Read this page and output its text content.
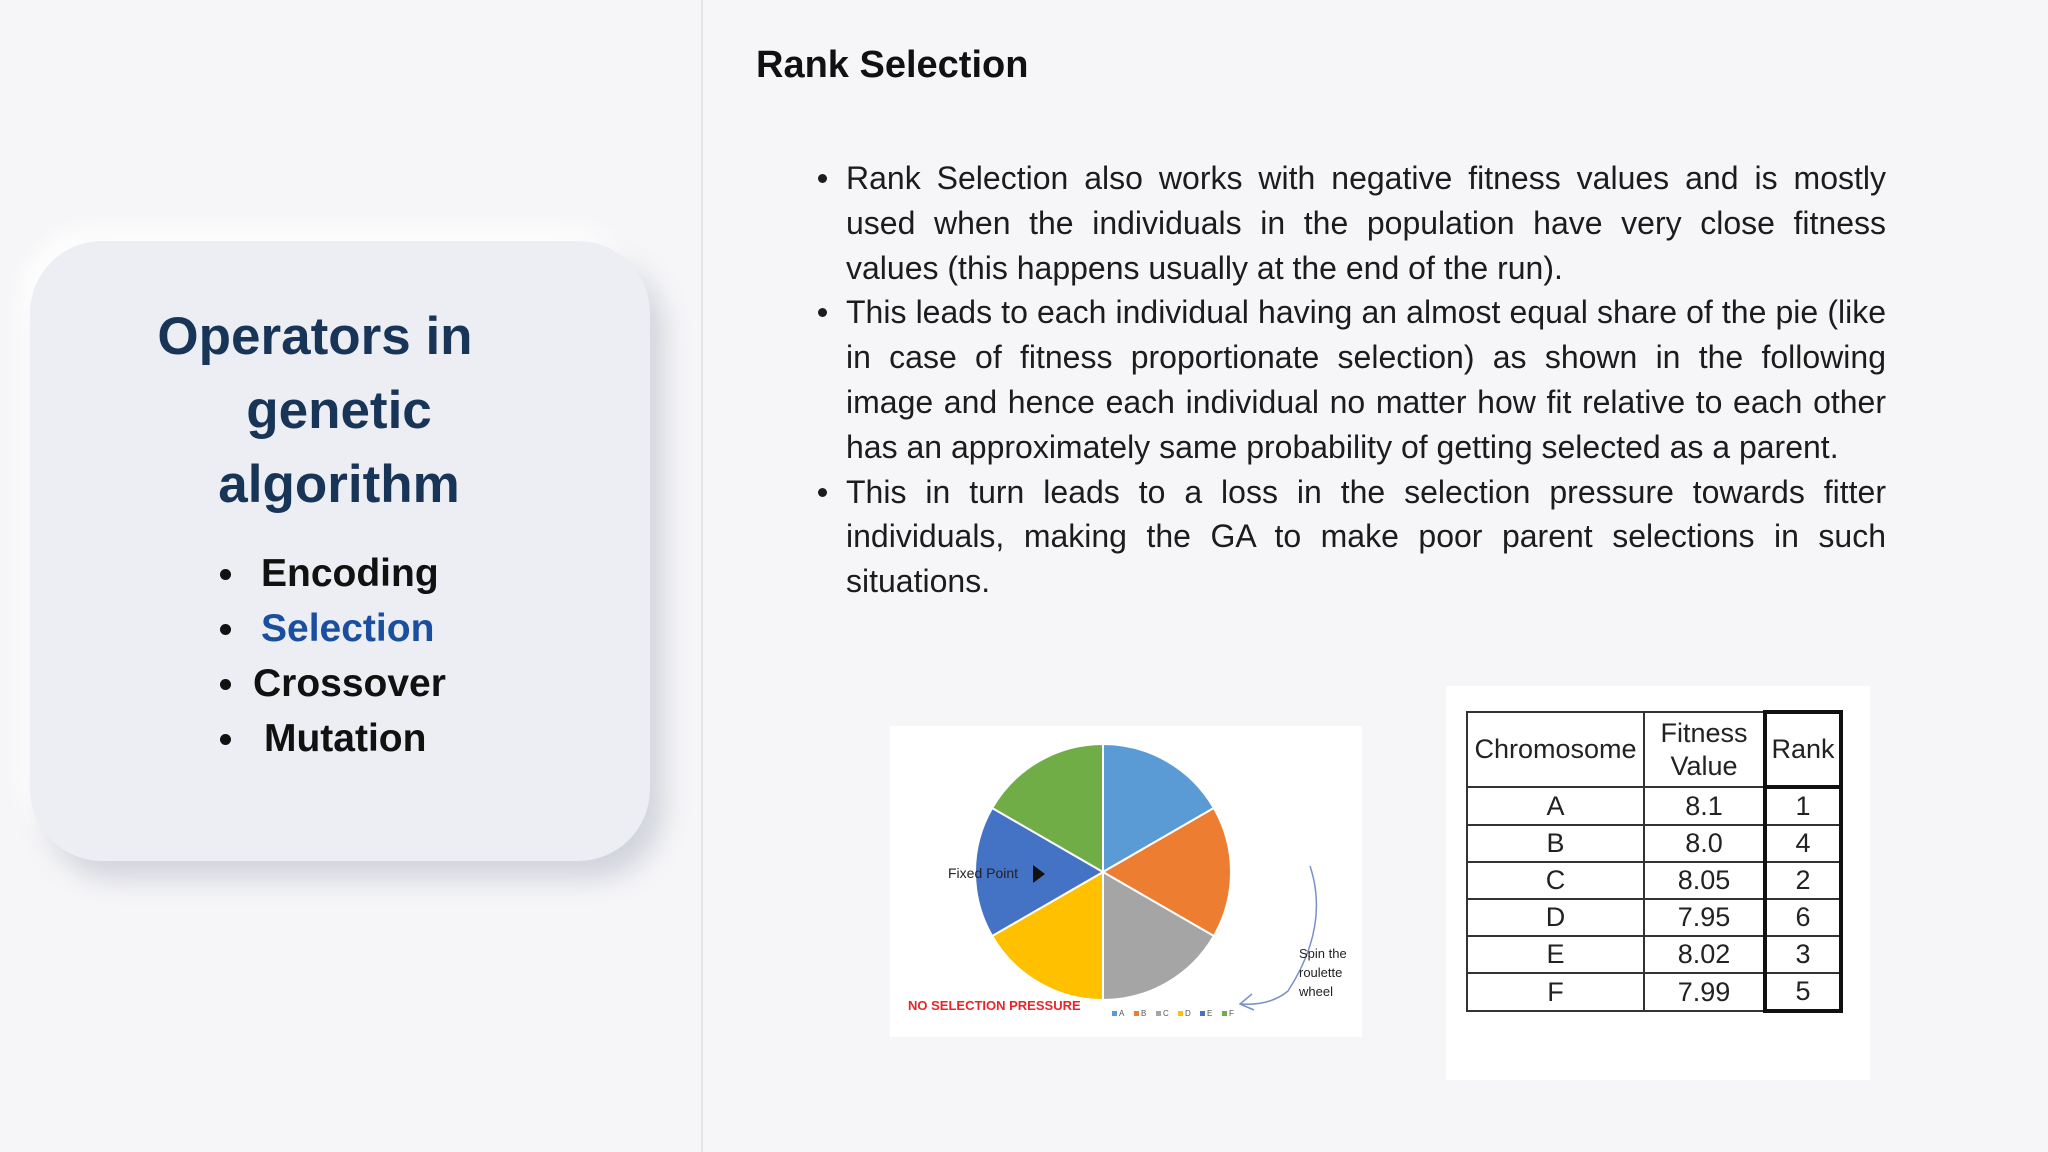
Operators in
genetic
algorithm
Encoding
Selection
Crossover
Mutation
Rank Selection
Rank Selection also works with negative fitness values and is mostly used when the individuals in the population have very close fitness values (this happens usually at the end of the run).
This leads to each individual having an almost equal share of the pie (like in case of fitness proportionate selection) as shown in the following image and hence each individual no matter how fit relative to each other has an approximately same probability of getting selected as a parent.
This in turn leads to a loss in the selection pressure towards fitter individuals, making the GA to make poor parent selections in such situations.
Fixed Point
Spin the
roulette
wheel
NO SELECTION PRESSURE
A B C D E F
Chromosome	Fitness Value	Rank
A	8.1	1
B	8.0	4
C	8.05	2
D	7.95	6
E	8.02	3
F	7.99	5
